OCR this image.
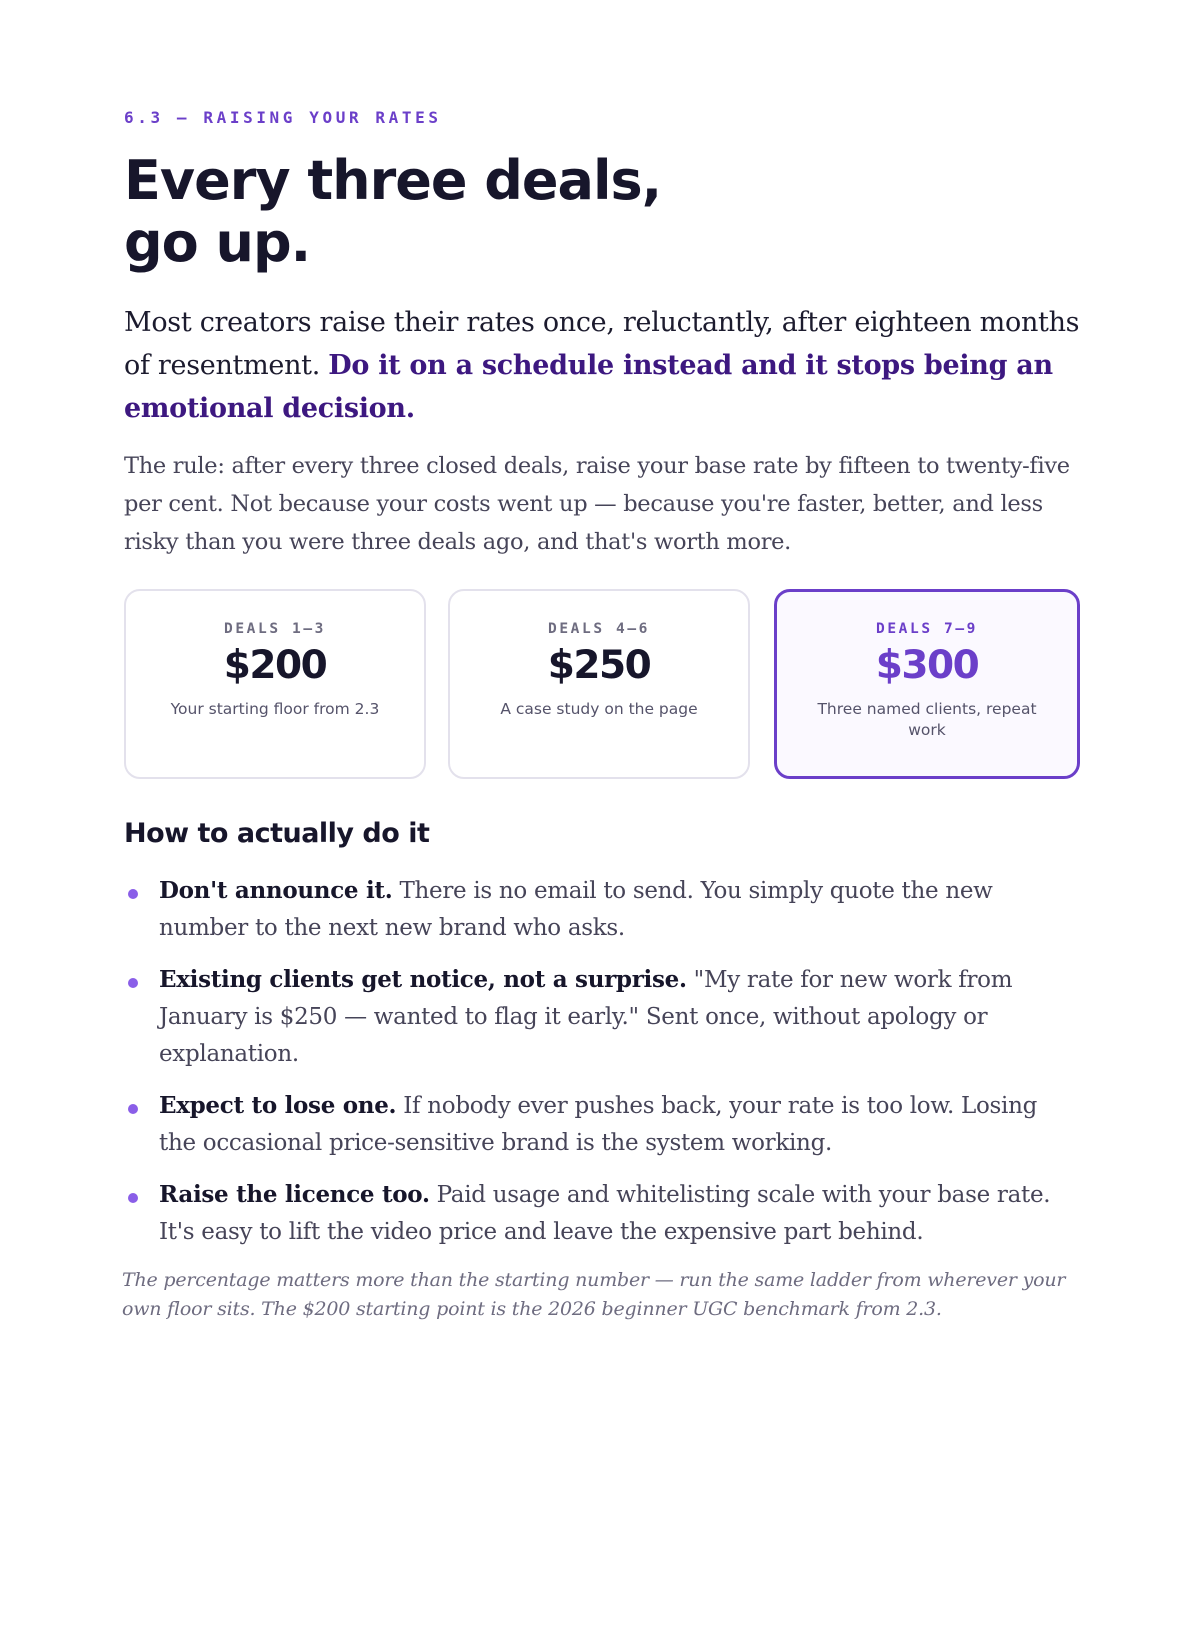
6.3 — RAISING YOUR RATES
Every three deals,
go up.

Most creators raise their rates once, reluctantly, after eighteen months of resentment. Do it on a schedule instead and it stops being an emotional decision.

The rule: after every three closed deals, raise your base rate by fifteen to twenty-five per cent. Not because your costs went up — because you're faster, better, and less risky than you were three deals ago, and that's worth more.

DEALS 1–3
$200
Your starting floor from 2.3
DEALS 4–6
$250
A case study on the page
DEALS 7–9
$300
Three named clients, repeat work
How to actually do it
Don't announce it. There is no email to send. You simply quote the new number to the next new brand who asks.
Existing clients get notice, not a surprise. "My rate for new work from January is $250 — wanted to flag it early." Sent once, without apology or explanation.
Expect to lose one. If nobody ever pushes back, your rate is too low. Losing the occasional price-sensitive brand is the system working.
Raise the licence too. Paid usage and whitelisting scale with your base rate. It's easy to lift the video price and leave the expensive part behind.

The percentage matters more than the starting number — run the same ladder from wherever your own floor sits. The $200 starting point is the 2026 beginner UGC benchmark from 2.3.
